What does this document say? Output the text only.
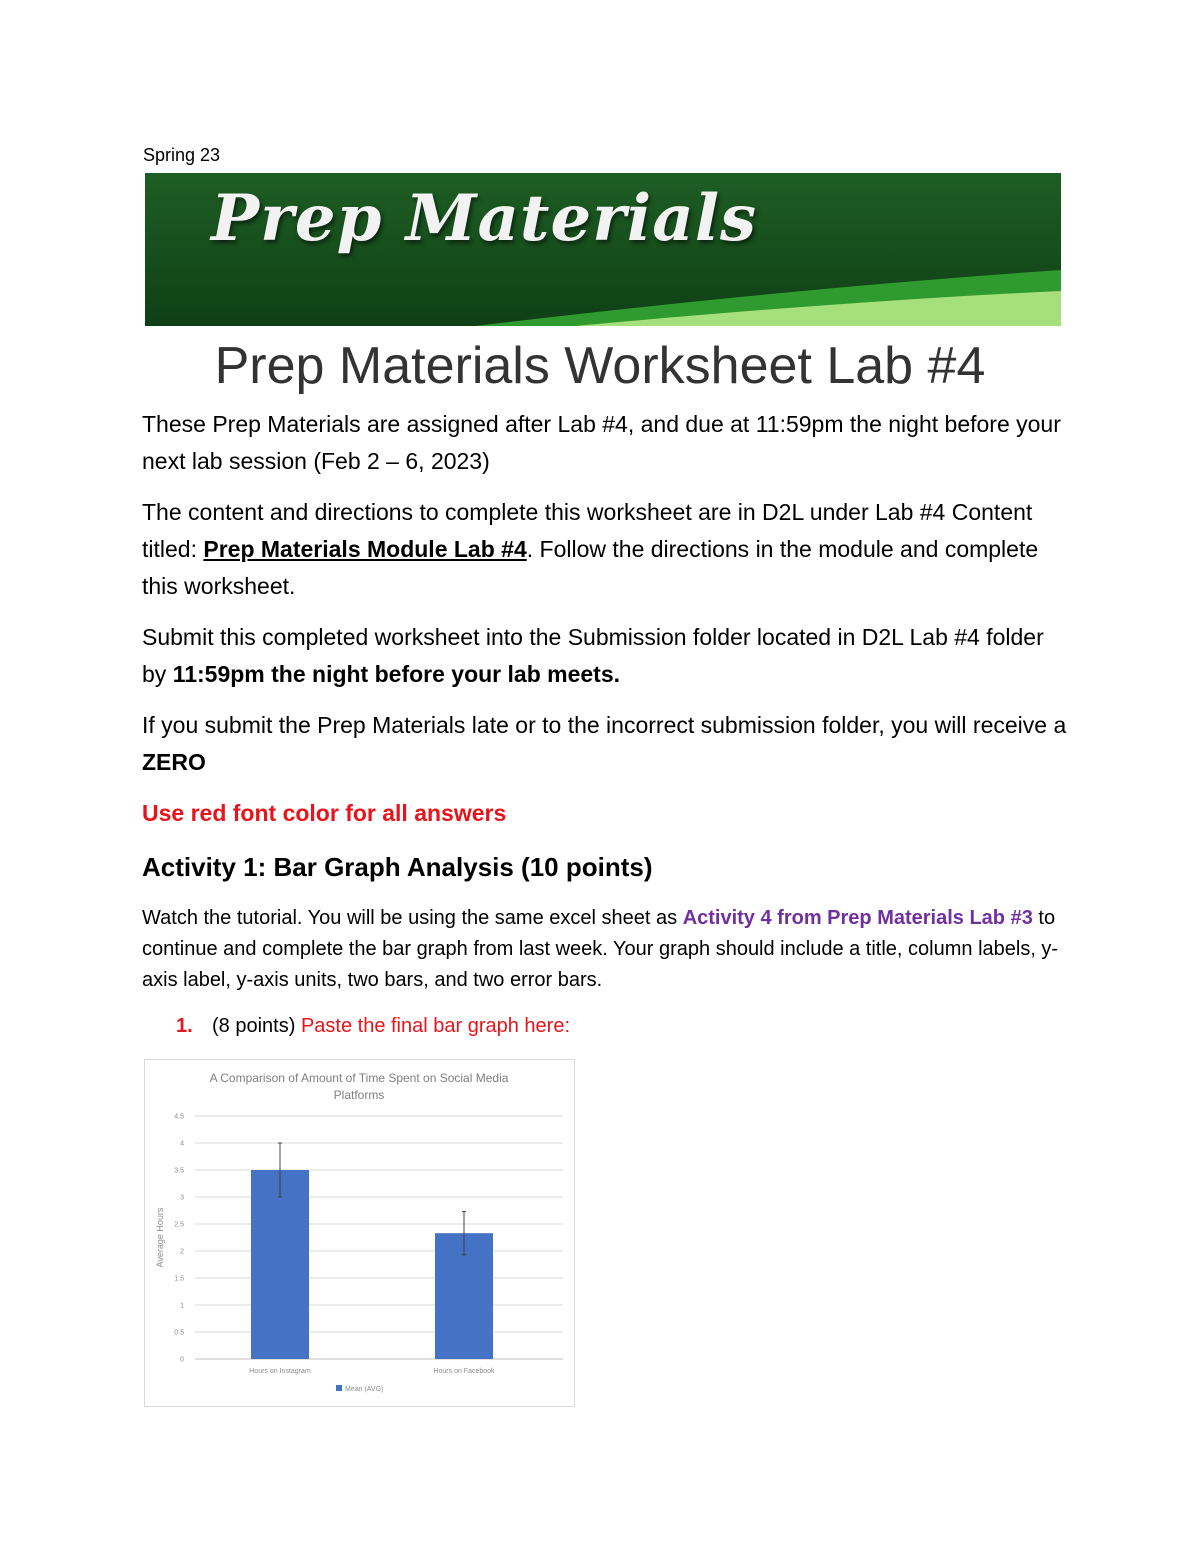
Spring 23
Prep Materials
Prep Materials Worksheet Lab #4
These Prep Materials are assigned after Lab #4, and due at 11:59pm the night before your next lab session (Feb 2 – 6, 2023)
The content and directions to complete this worksheet are in D2L under Lab #4 Content titled: Prep Materials Module Lab #4. Follow the directions in the module and complete this worksheet.
Submit this completed worksheet into the Submission folder located in D2L Lab #4 folder by 11:59pm the night before your lab meets.
If you submit the Prep Materials late or to the incorrect submission folder, you will receive a ZERO
Use red font color for all answers
Activity 1: Bar Graph Analysis (10 points)
Watch the tutorial. You will be using the same excel sheet as Activity 4 from Prep Materials Lab #3 to continue and complete the bar graph from last week. Your graph should include a title, column labels, y-axis label, y-axis units, two bars, and two error bars.
1. (8 points) Paste the final bar graph here:
A Comparison of Amount of Time Spent on Social Media
Platforms
0
0.5
1
1.5
2
2.5
3
3.5
4
4.5
Average Hours
Hours on Instagram	Hours on Facebook
Mean (AVG)
